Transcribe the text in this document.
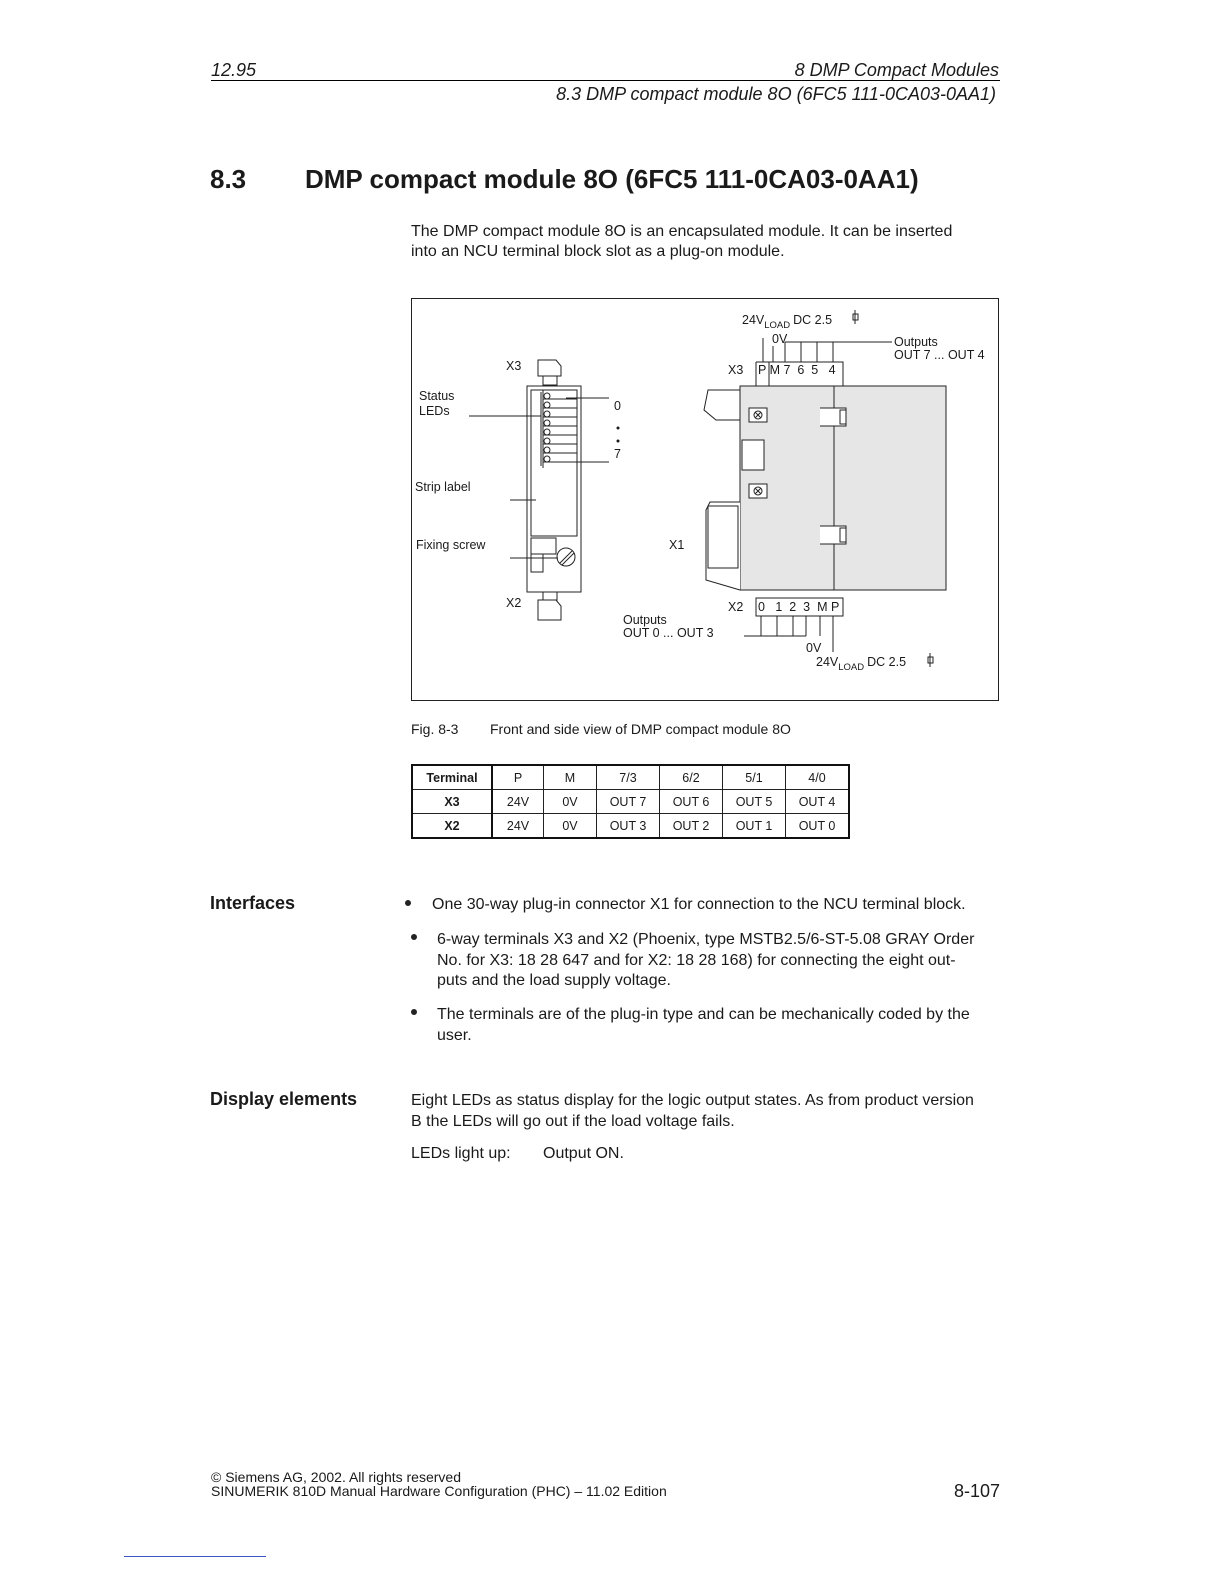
12.95	8 DMP Compact Modules
8.3 DMP compact module 8O (6FC5 111-0CA03-0AA1)
8.3 DMP compact module 8O (6FC5 111-0CA03-0AA1)
The DMP compact module 8O is an encapsulated module. It can be inserted
into an NCU terminal block slot as a plug‑on module.
X3
X2
Status
LEDs
Strip label
Fixing screw
0
7
X1
X3
X2
P M 7  6  5   4
0   1  2  3  M P
$24V_{LOAD}$ DC 2.5
0V	Outputs
OUT 7 ... OUT 4
Outputs
OUT 0 ... OUT 3
0V
$24V_{LOAD}$ DC 2.5
Fig. 8-3 Front and side view of DMP compact module 8O
Terminal	P	M	7/3	6/2	5/1	4/0
X3	24V	0V	OUT 7	OUT 6	OUT 5	OUT 4
X2	24V	0V	OUT 3	OUT 2	OUT 1	OUT 0
Interfaces	One 30-way plug-in connector X1 for connection to the NCU terminal block.
6-way terminals X3 and X2 (Phoenix, type MSTB2.5/6-ST-5.08 GRAY Order
No. for X3: 18 28 647 and for X2: 18 28 168) for connecting the eight out-
puts and the load supply voltage.
The terminals are of the plug-in type and can be mechanically coded by the
user.
Display elements	Eight LEDs as status display for the logic output states. As from product version
B the LEDs will go out if the load voltage fails.
LEDs light up: Output ON.
© Siemens AG, 2002. All rights reserved
SINUMERIK 810D Manual Hardware Configuration (PHC) – 11.02 Edition	8-107
